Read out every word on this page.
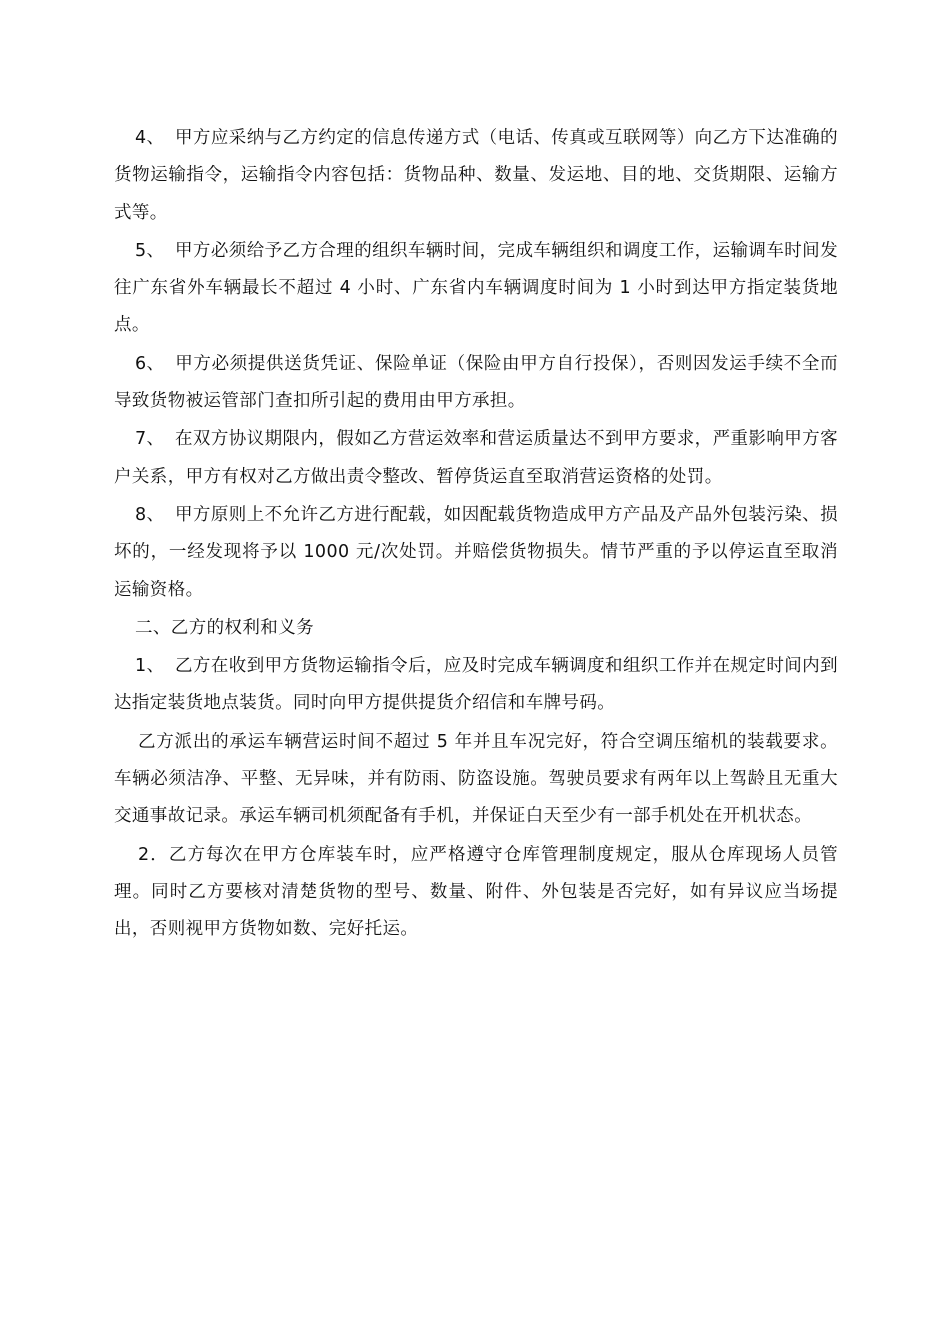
4、 甲方应采纳与乙方约定的信息传递方式（电话、传真或互联网等）向乙方下达准确的货物运输指令，运输指令内容包括：货物品种、数量、发运地、目的地、交货期限、运输方式等。

5、 甲方必须给予乙方合理的组织车辆时间，完成车辆组织和调度工作，运输调车时间发往广东省外车辆最长不超过 4 小时、广东省内车辆调度时间为 1 小时到达甲方指定装货地点。

6、 甲方必须提供送货凭证、保险单证（保险由甲方自行投保），否则因发运手续不全而导致货物被运管部门查扣所引起的费用由甲方承担。

7、 在双方协议期限内，假如乙方营运效率和营运质量达不到甲方要求，严重影响甲方客户关系，甲方有权对乙方做出责令整改、暂停货运直至取消营运资格的处罚。

8、 甲方原则上不允许乙方进行配载，如因配载货物造成甲方产品及产品外包装污染、损坏的，一经发现将予以 1000 元/次处罚。并赔偿货物损失。情节严重的予以停运直至取消运输资格。

二、乙方的权利和义务

1、 乙方在收到甲方货物运输指令后，应及时完成车辆调度和组织工作并在规定时间内到达指定装货地点装货。同时向甲方提供提货介绍信和车牌号码。

乙方派出的承运车辆营运时间不超过 5 年并且车况完好，符合空调压缩机的装载要求。车辆必须洁净、平整、无异味，并有防雨、防盗设施。驾驶员要求有两年以上驾龄且无重大交通事故记录。承运车辆司机须配备有手机，并保证白天至少有一部手机处在开机状态。

2．乙方每次在甲方仓库装车时，应严格遵守仓库管理制度规定，服从仓库现场人员管理。同时乙方要核对清楚货物的型号、数量、附件、外包装是否完好，如有异议应当场提出，否则视甲方货物如数、完好托运。
